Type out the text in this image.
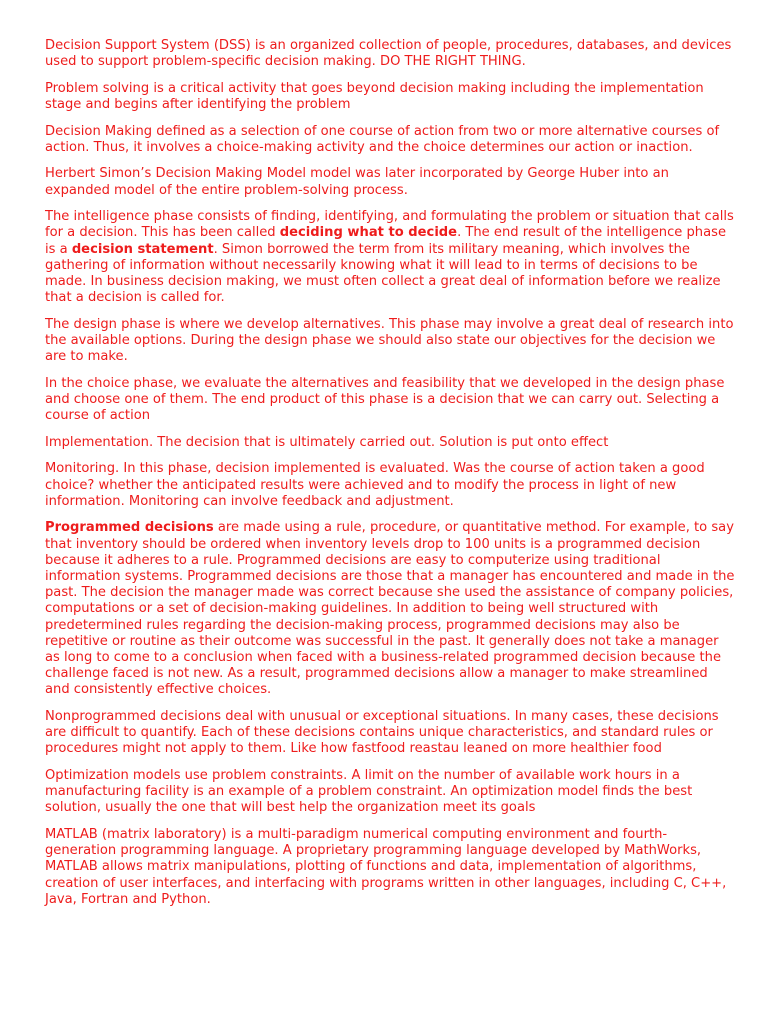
Decision Support System (DSS) is an organized collection of people, procedures, databases, and devices used to support problem-specific decision making. DO THE RIGHT THING.

Problem solving is a critical activity that goes beyond decision making including the implementation stage and begins after identifying the problem

Decision Making defined as a selection of one course of action from two or more alternative courses of action. Thus, it involves a choice-making activity and the choice determines our action or inaction.

Herbert Simon’s Decision Making Model model was later incorporated by George Huber into an expanded model of the entire problem-solving process.

The intelligence phase consists of finding, identifying, and formulating the problem or situation that calls for a decision. This has been called deciding what to decide. The end result of the intelligence phase is a decision statement. Simon borrowed the term from its military meaning, which involves the gathering of information without necessarily knowing what it will lead to in terms of decisions to be made. In business decision making, we must often collect a great deal of information before we realize that a decision is called for.

The design phase is where we develop alternatives. This phase may involve a great deal of research into the available options. During the design phase we should also state our objectives for the decision we are to make.

In the choice phase, we evaluate the alternatives and feasibility that we developed in the design phase and choose one of them. The end product of this phase is a decision that we can carry out. Selecting a course of action

Implementation. The decision that is ultimately carried out. Solution is put onto effect

Monitoring. In this phase, decision implemented is evaluated. Was the course of action taken a good choice? whether the anticipated results were achieved and to modify the process in light of new information. Monitoring can involve feedback and adjustment.

Programmed decisions are made using a rule, procedure, or quantitative method. For example, to say that inventory should be ordered when inventory levels drop to 100 units is a programmed decision because it adheres to a rule. Programmed decisions are easy to computerize using traditional information systems. Programmed decisions are those that a manager has encountered and made in the past. The decision the manager made was correct because she used the assistance of company policies, computations or a set of decision-making guidelines. In addition to being well structured with predetermined rules regarding the decision-making process, programmed decisions may also be repetitive or routine as their outcome was successful in the past. It generally does not take a manager as long to come to a conclusion when faced with a business-related programmed decision because the challenge faced is not new. As a result, programmed decisions allow a manager to make streamlined and consistently effective choices.

Nonprogrammed decisions deal with unusual or exceptional situations. In many cases, these decisions are difficult to quantify. Each of these decisions contains unique characteristics, and standard rules or procedures might not apply to them. Like how fastfood reastau leaned on more healthier food

Optimization models use problem constraints. A limit on the number of available work hours in a manufacturing facility is an example of a problem constraint. An optimization model finds the best solution, usually the one that will best help the organization meet its goals

MATLAB (matrix laboratory) is a multi-paradigm numerical computing environment and fourth-generation programming language. A proprietary programming language developed by MathWorks, MATLAB allows matrix manipulations, plotting of functions and data, implementation of algorithms, creation of user interfaces, and interfacing with programs written in other languages, including C, C++, Java, Fortran and Python.
